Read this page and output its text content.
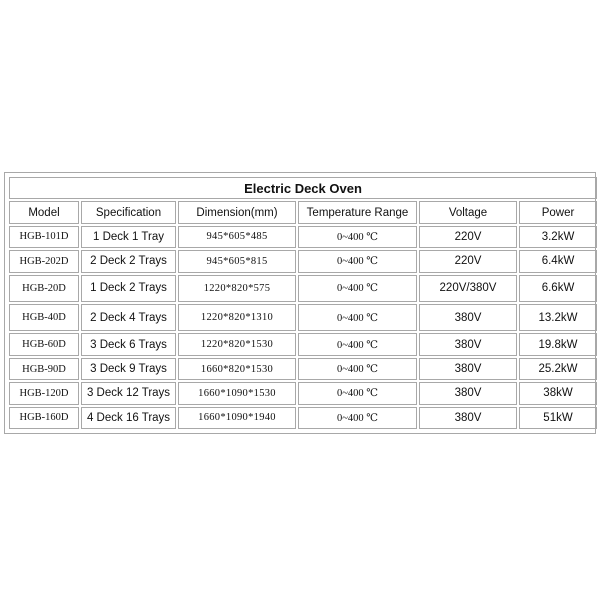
Electric Deck Oven					
Model	Specification	Dimension(mm)	Temperature Range	Voltage	Power
HGB-101D	1 Deck 1 Tray	945*605*485	0~400 ℃	220V	3.2kW
HGB-202D	2 Deck 2 Trays	945*605*815	0~400 ℃	220V	6.4kW
HGB-20D	1 Deck 2 Trays	1220*820*575	0~400 ℃	220V/380V	6.6kW
HGB-40D	2 Deck 4 Trays	1220*820*1310	0~400 ℃	380V	13.2kW
HGB-60D	3 Deck 6 Trays	1220*820*1530	0~400 ℃	380V	19.8kW
HGB-90D	3 Deck 9 Trays	1660*820*1530	0~400 ℃	380V	25.2kW
HGB-120D	3 Deck 12 Trays	1660*1090*1530	0~400 ℃	380V	38kW
HGB-160D	4 Deck 16 Trays	1660*1090*1940	0~400 ℃	380V	51kW
